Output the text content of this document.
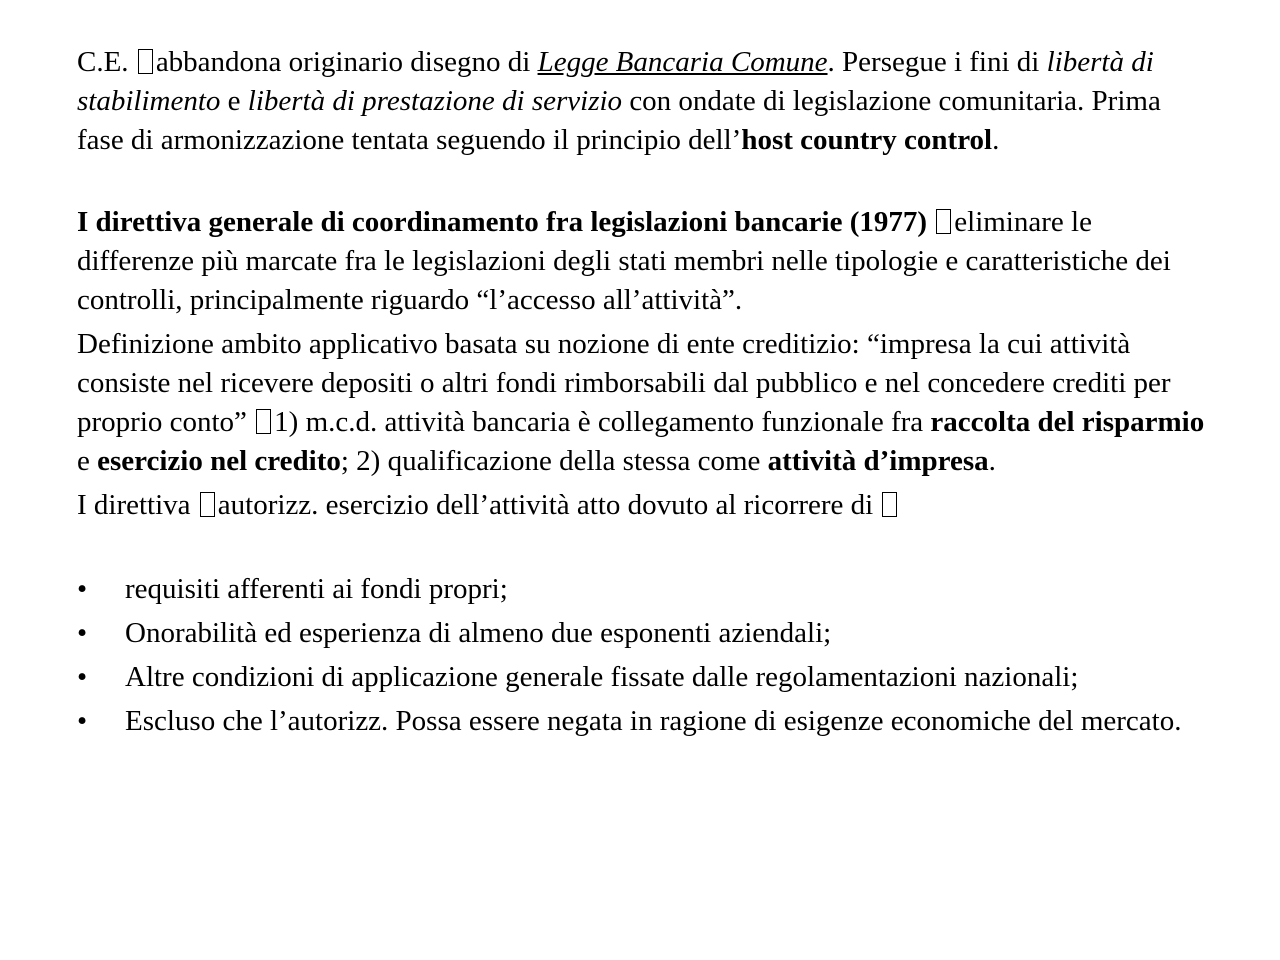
C.E. abbandona originario disegno di Legge Bancaria Comune. Persegue i fini di libertà di stabilimento e libertà di prestazione di servizio con ondate di legislazione comunitaria. Prima fase di armonizzazione tentata seguendo il principio dell’host country control.

I direttiva generale di coordinamento fra legislazioni bancarie (1977) eliminare le differenze più marcate fra le legislazioni degli stati membri nelle tipologie e caratteristiche dei controlli, principalmente riguardo “l’accesso all’attività”.

Definizione ambito applicativo basata su nozione di ente creditizio: “impresa la cui attività consiste nel ricevere depositi o altri fondi rimborsabili dal pubblico e nel concedere crediti per proprio conto” 1) m.c.d. attività bancaria è collegamento funzionale fra raccolta del risparmio e esercizio nel credito; 2) qualificazione della stessa come attività d’impresa.

I direttiva autorizz. esercizio dell’attività atto dovuto al ricorrere di

• requisiti afferenti ai fondi propri;
• Onorabilità ed esperienza di almeno due esponenti aziendali;
• Altre condizioni di applicazione generale fissate dalle regolamentazioni nazionali;
• Escluso che l’autorizz. Possa essere negata in ragione di esigenze economiche del mercato.
